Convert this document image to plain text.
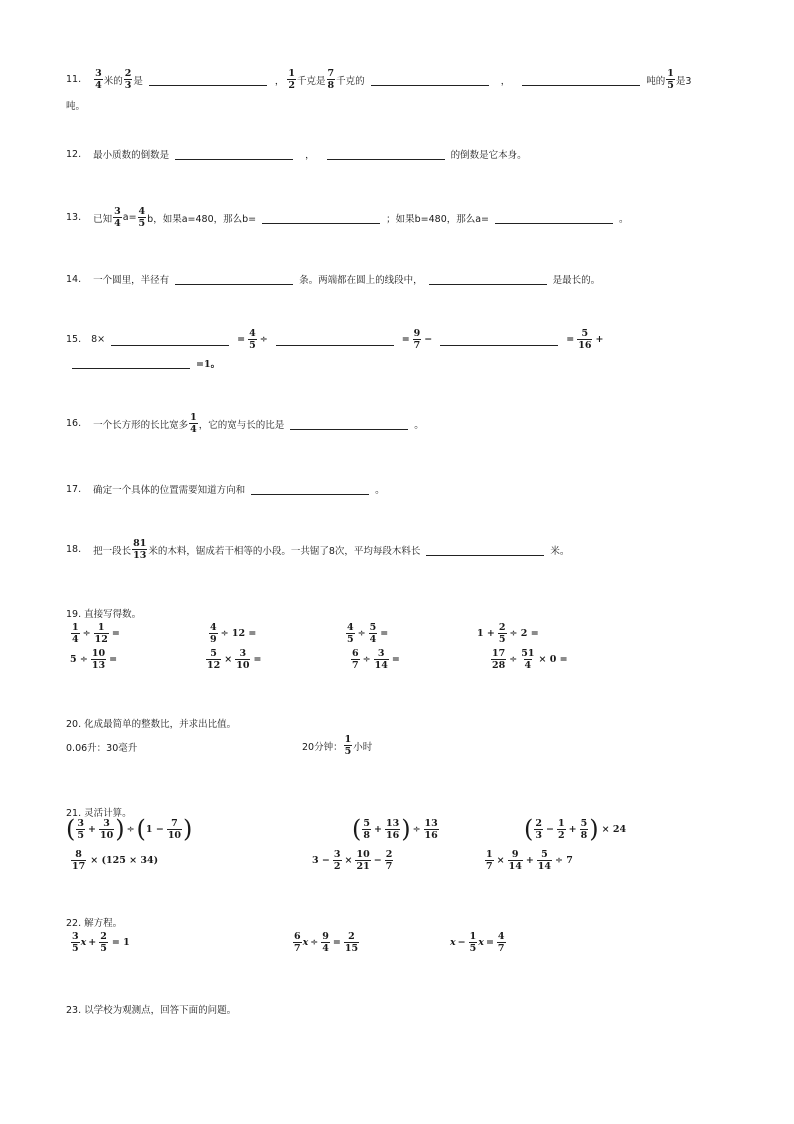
11. $\frac{3}{4}$ 米的 $\frac{2}{3}$ 是	， $\frac{1}{2}$ 千克是 $\frac{7}{8}$ 千克的	，	吨的 $\frac{1}{5}$ 是3
吨。
12. 最小质数的倒数是	，	的倒数是它本身。
13. 已知 $\frac{3}{4} a= \frac{4}{5}$ b，如果a=480，那么b=	；如果b=480，那么a=	。
14. 一个圆里，半径有	条。两端都在圆上的线段中，	是最长的。
15. 8×	= $\frac{4}{5}$ ÷	= $\frac{9}{7}$ −	= $\frac{5}{16}$ +
=1。
16. 一个长方形的长比宽多 $\frac{1}{4}$ ，它的宽与长的比是	。
17. 确定一个具体的位置需要知道方向和	。
18. 把一段长 $\frac{81}{13}$ 米的木料，锯成若干相等的小段。一共锯了8次，平均每段木料长	米。
19. 直接写得数。
$\frac{1}{4} \div \frac{1}{12}$ =	$\frac{4}{9} \div 12$ =	$\frac{4}{5} \div \frac{5}{4}$ =	$1 + \frac{2}{5} \div 2$ =
$5 \div \frac{10}{13}$ =	$\frac{5}{12} \times \frac{3}{10}$ =	$\frac{6}{7} \div \frac{3}{14}$ =	$\frac{17}{28} \div \frac{51}{4} \times 0$ =
20. 化成最简单的整数比，并求出比值。
0.06升：30毫升	20分钟： $\frac{1}{5}$ 小时
21. 灵活计算。
( $\frac{3}{5} + \frac{3}{10}$ ) ÷ ( $1 - \frac{7}{10}$ )	( $\frac{5}{8} + \frac{13}{16}$ ) ÷ $\frac{13}{16}$	( $\frac{2}{3} - \frac{1}{2} + \frac{5}{8}$ ) × 24
$\frac{8}{17} \times (125 \times 34)$	$3 - \frac{3}{2} \times \frac{10}{21} - \frac{2}{7}$	$\frac{1}{7} \times \frac{9}{14} + \frac{5}{14} \div 7$
22. 解方程。
$\frac{3}{5}$ $x + \frac{2}{5} = 1$	$\frac{6}{7}$ $x \div \frac{9}{4} = \frac{2}{15}$	$x - \frac{1}{5}$ $x = \frac{4}{7}$
23. 以学校为观测点，回答下面的问题。
